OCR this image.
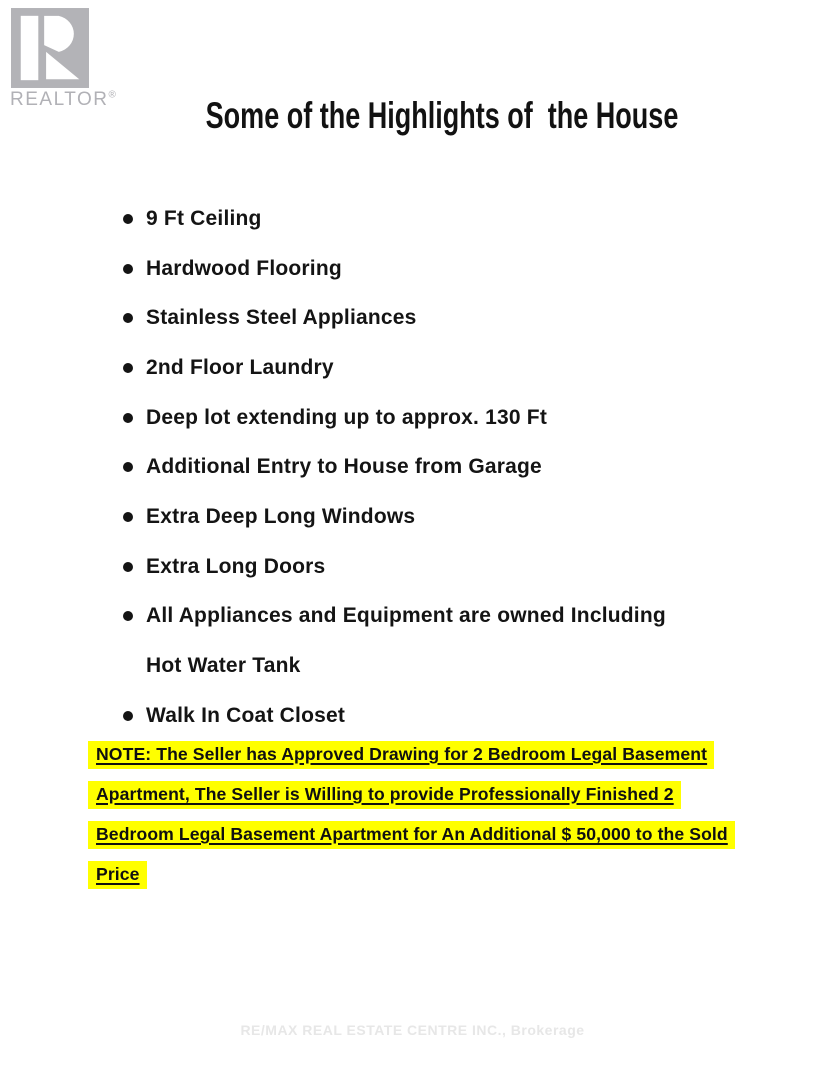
REALTOR® Some of the Highlights of  the House
9 Ft Ceiling
Hardwood Flooring
Stainless Steel Appliances
2nd Floor Laundry
Deep lot extending up to approx. 130 Ft
Additional Entry to House from Garage
Extra Deep Long Windows
Extra Long Doors
All Appliances and Equipment are owned Including
Hot Water Tank
Walk In Coat Closet
NOTE: The Seller has Approved Drawing for 2 Bedroom Legal Basement
Apartment, The Seller is Willing to provide Professionally Finished 2
Bedroom Legal Basement Apartment for An Additional $ 50,000 to the Sold
Price
RE/MAX REAL ESTATE CENTRE INC., Brokerage
